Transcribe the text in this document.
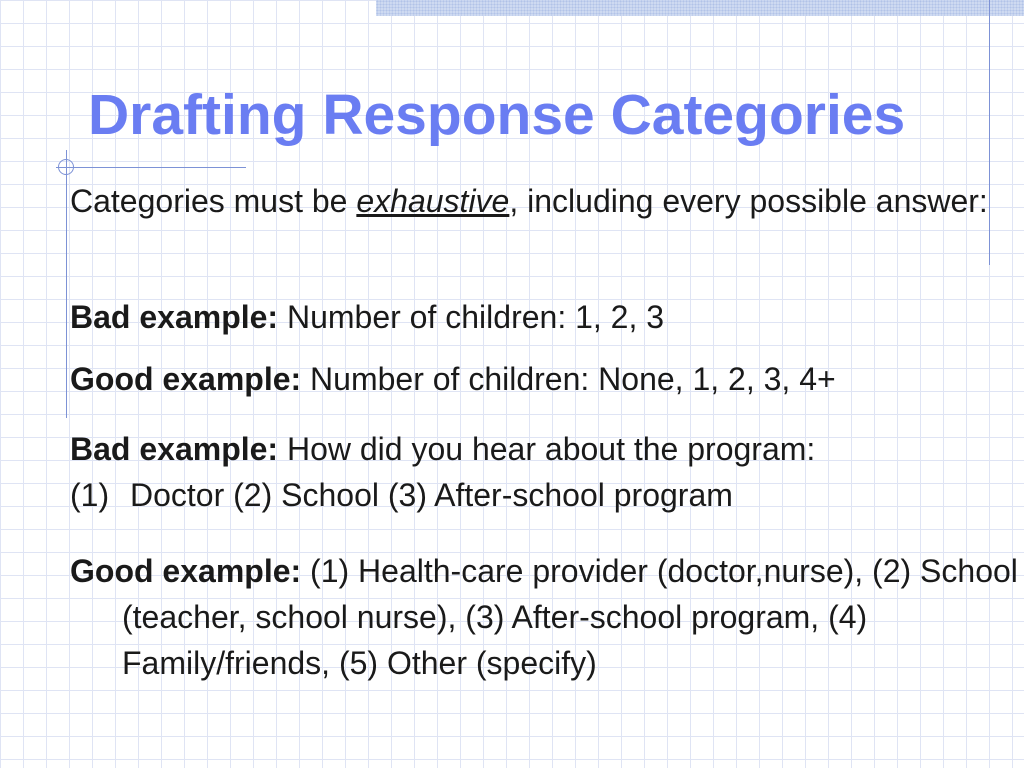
Drafting Response Categories

Categories must be exhaustive, including every possible answer:

Bad example: Number of children: 1, 2, 3

Good example: Number of children: None, 1, 2, 3, 4+

Bad example: How did you hear about the program:
(1) Doctor (2) School (3) After-school program

Good example: (1) Health-care provider (doctor,nurse), (2) School (teacher, school nurse), (3) After-school program, (4) Family/friends, (5) Other (specify)
